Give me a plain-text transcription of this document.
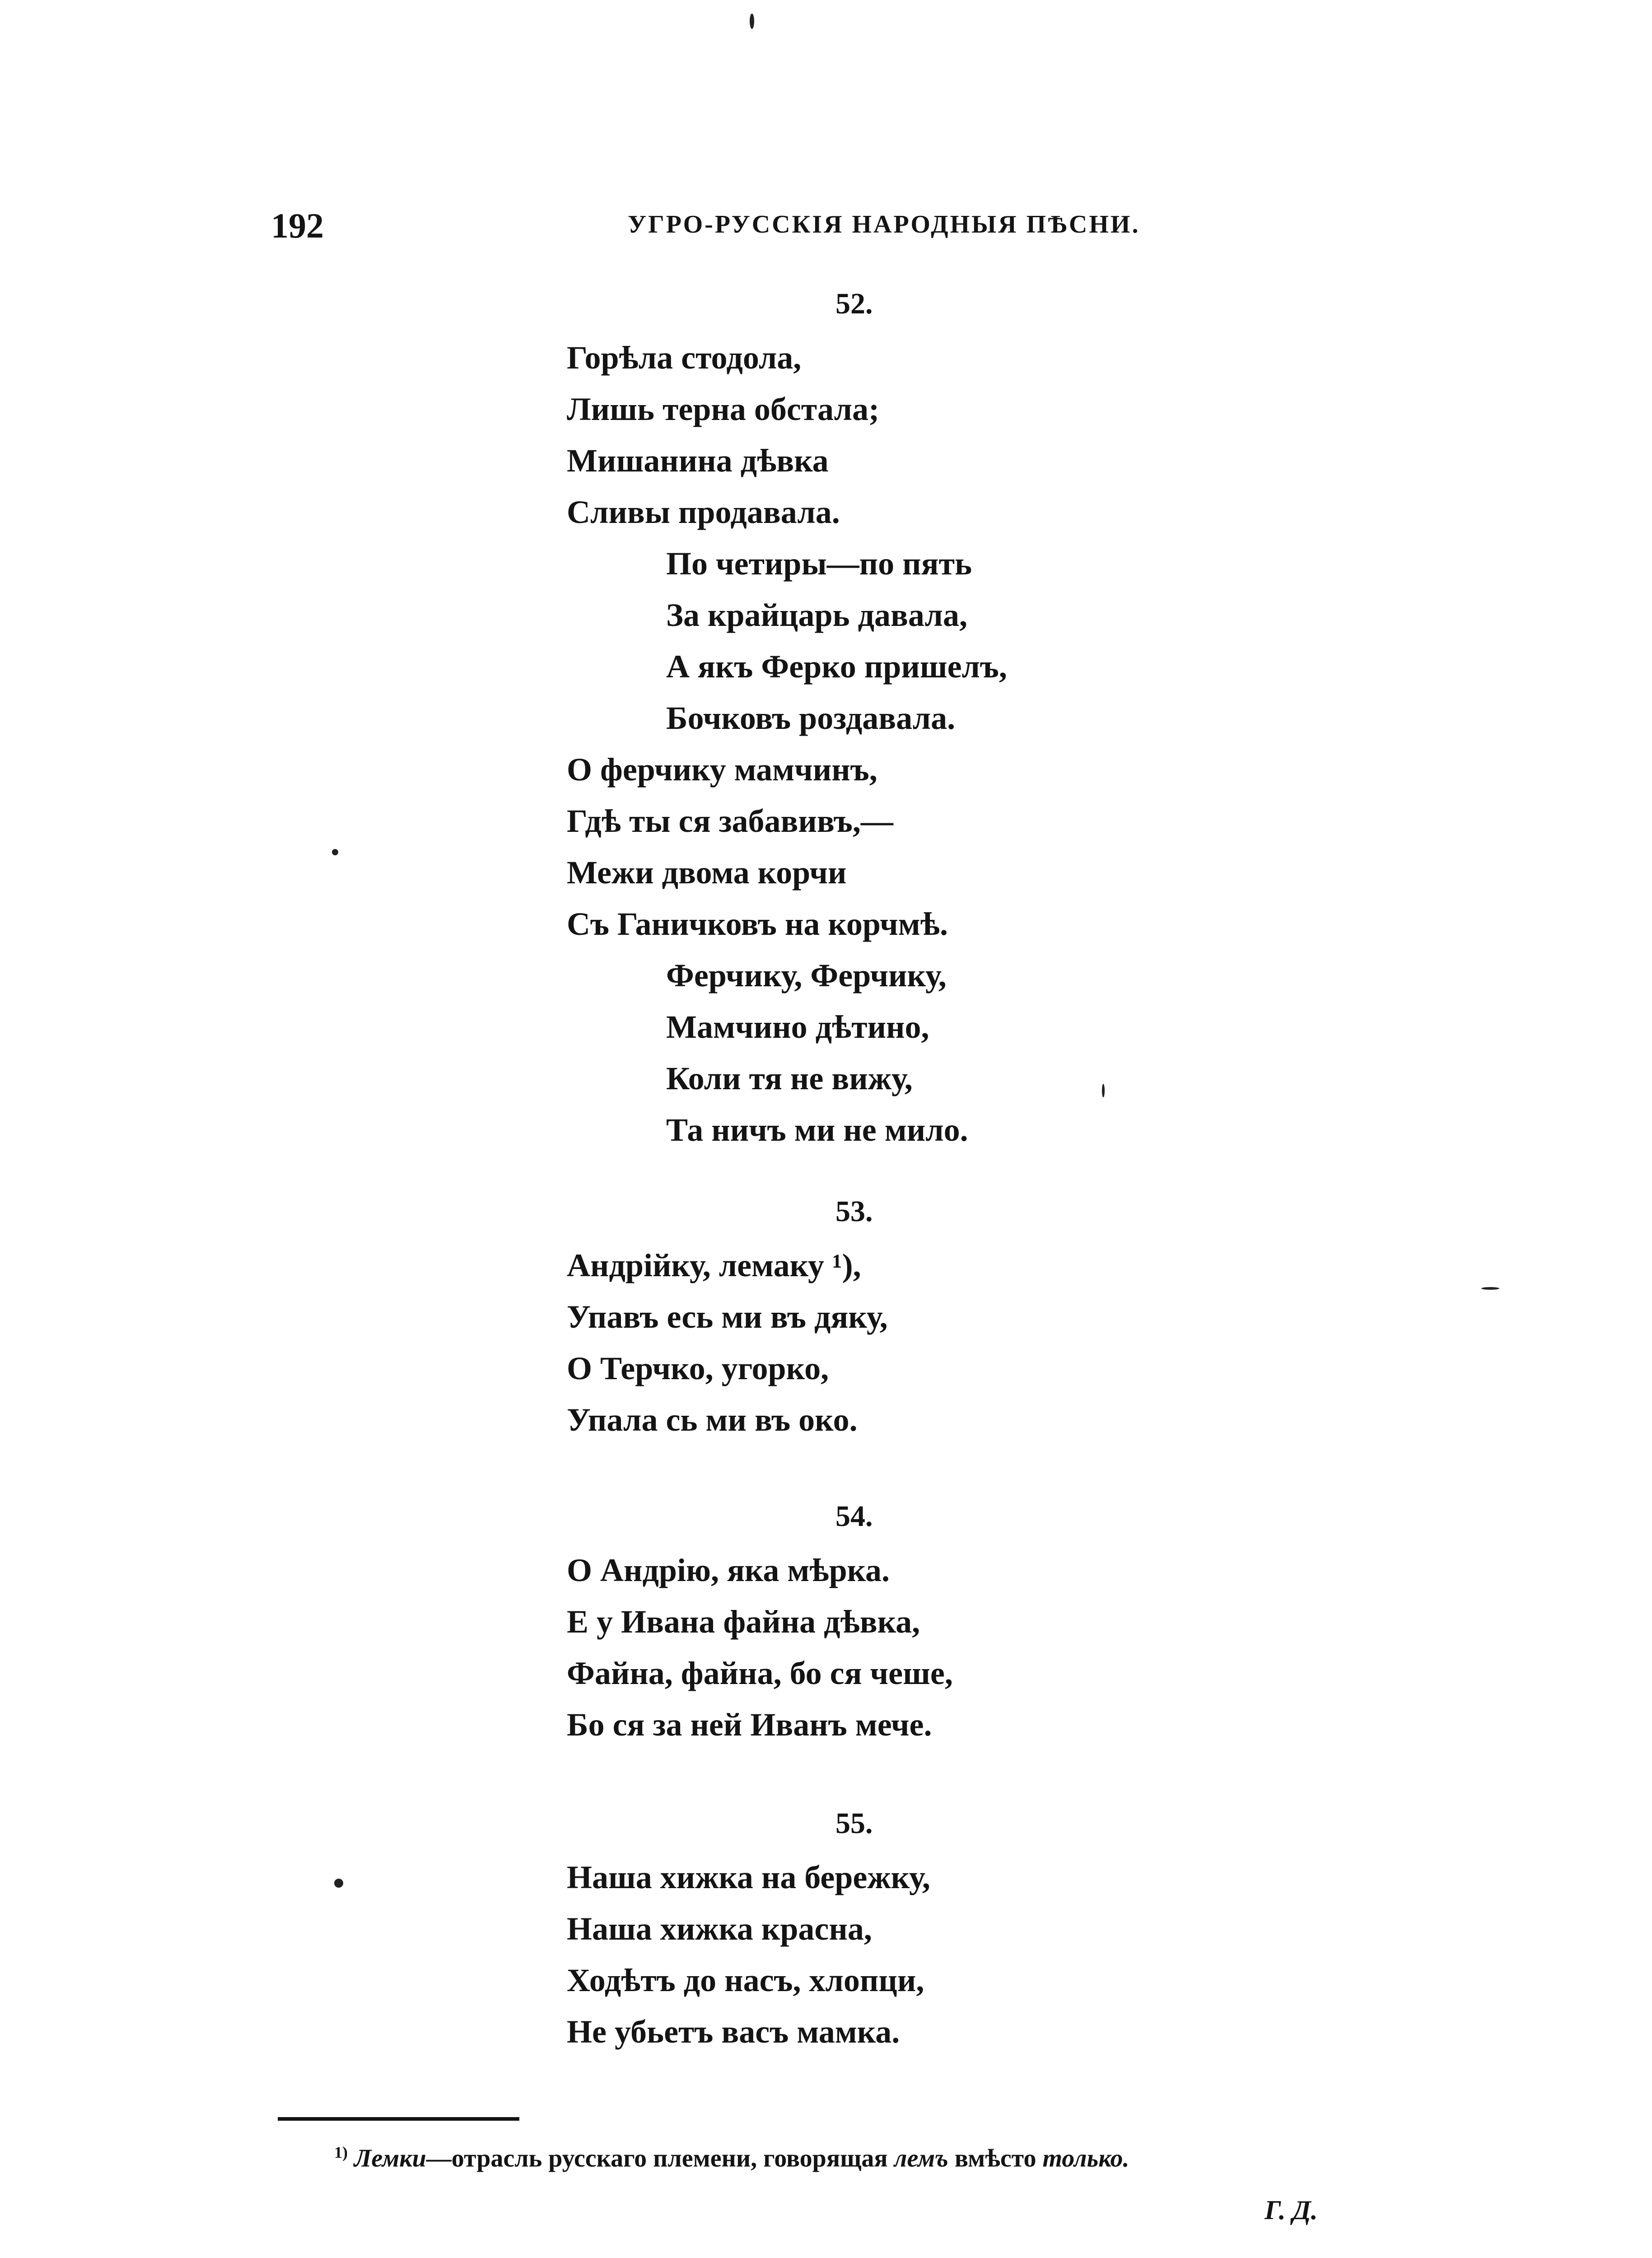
192	УГРО-РУССКІЯ НАРОДНЫЯ ПѢСНИ.
52.
Горѣла стодола,
Лишь терна обстала;
Мишанина дѣвка
Сливы продавала.
По четиры—по пять
За крайцарь давала,
А якъ Ферко пришелъ,
Бочковъ роздавала.
О ферчику мамчинъ,
Гдѣ ты ся забавивъ,—
Межи двома корчи
Съ Ганичковъ на корчмѣ.
Ферчику, Ферчику,
Мамчино дѣтино,
Коли тя не вижу,
Та ничъ ми не мило.
53.
Андрійку, лемаку ¹),
Упавъ есь ми въ дяку,
О Терчко, угорко,
Упала сь ми въ око.
54.
О Андрію, яка мѣрка.
Е у Ивана файна дѣвка,
Файна, файна, бо ся чеше,
Бо ся за ней Иванъ мече.
55.
Наша хижка на бережку,
Наша хижка красна,
Ходѣтъ до насъ, хлопци,
Не убьетъ васъ мамка.
$^{1)}$ Лемки—отрасль русскаго племени, говорящая лемъ вмѣсто только.
Г. Д.
